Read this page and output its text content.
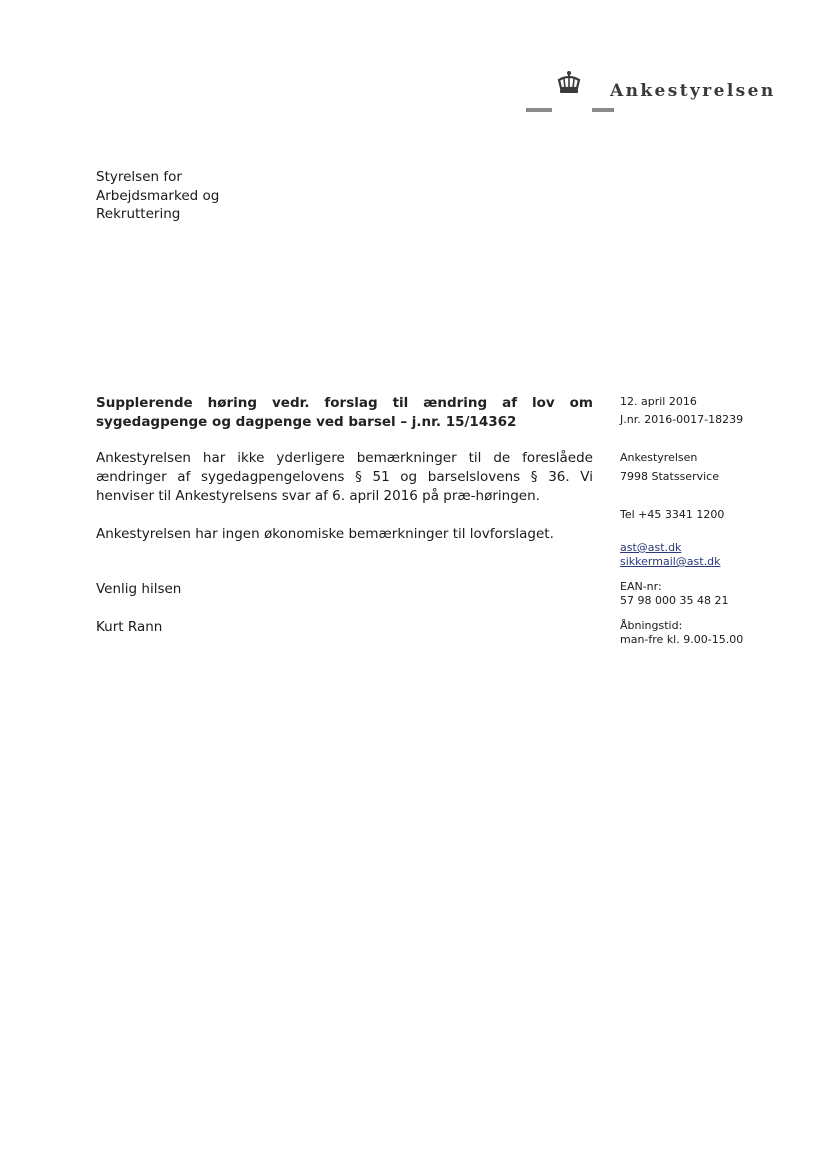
Ankestyrelsen
Styrelsen for
Arbejdsmarked og
Rekruttering

Supplerende høring vedr. forslag til ændring af lov om sygedagpenge og dagpenge ved barsel – j.nr. 15/14362

Ankestyrelsen har ikke yderligere bemærkninger til de foreslåede ændringer af sygedagpengelovens § 51 og barselslovens § 36. Vi henviser til Ankestyrelsens svar af 6. april 2016 på præ-høringen.

Ankestyrelsen har ingen økonomiske bemærkninger til lovforslaget.

Venlig hilsen
Kurt Rann
12. april 2016
J.nr. 2016-0017-18239
Ankestyrelsen
7998 Statsservice
Tel +45 3341 1200
ast@ast.dk
sikkermail@ast.dk
EAN-nr:
57 98 000 35 48 21
Åbningstid:
man-fre kl. 9.00-15.00
